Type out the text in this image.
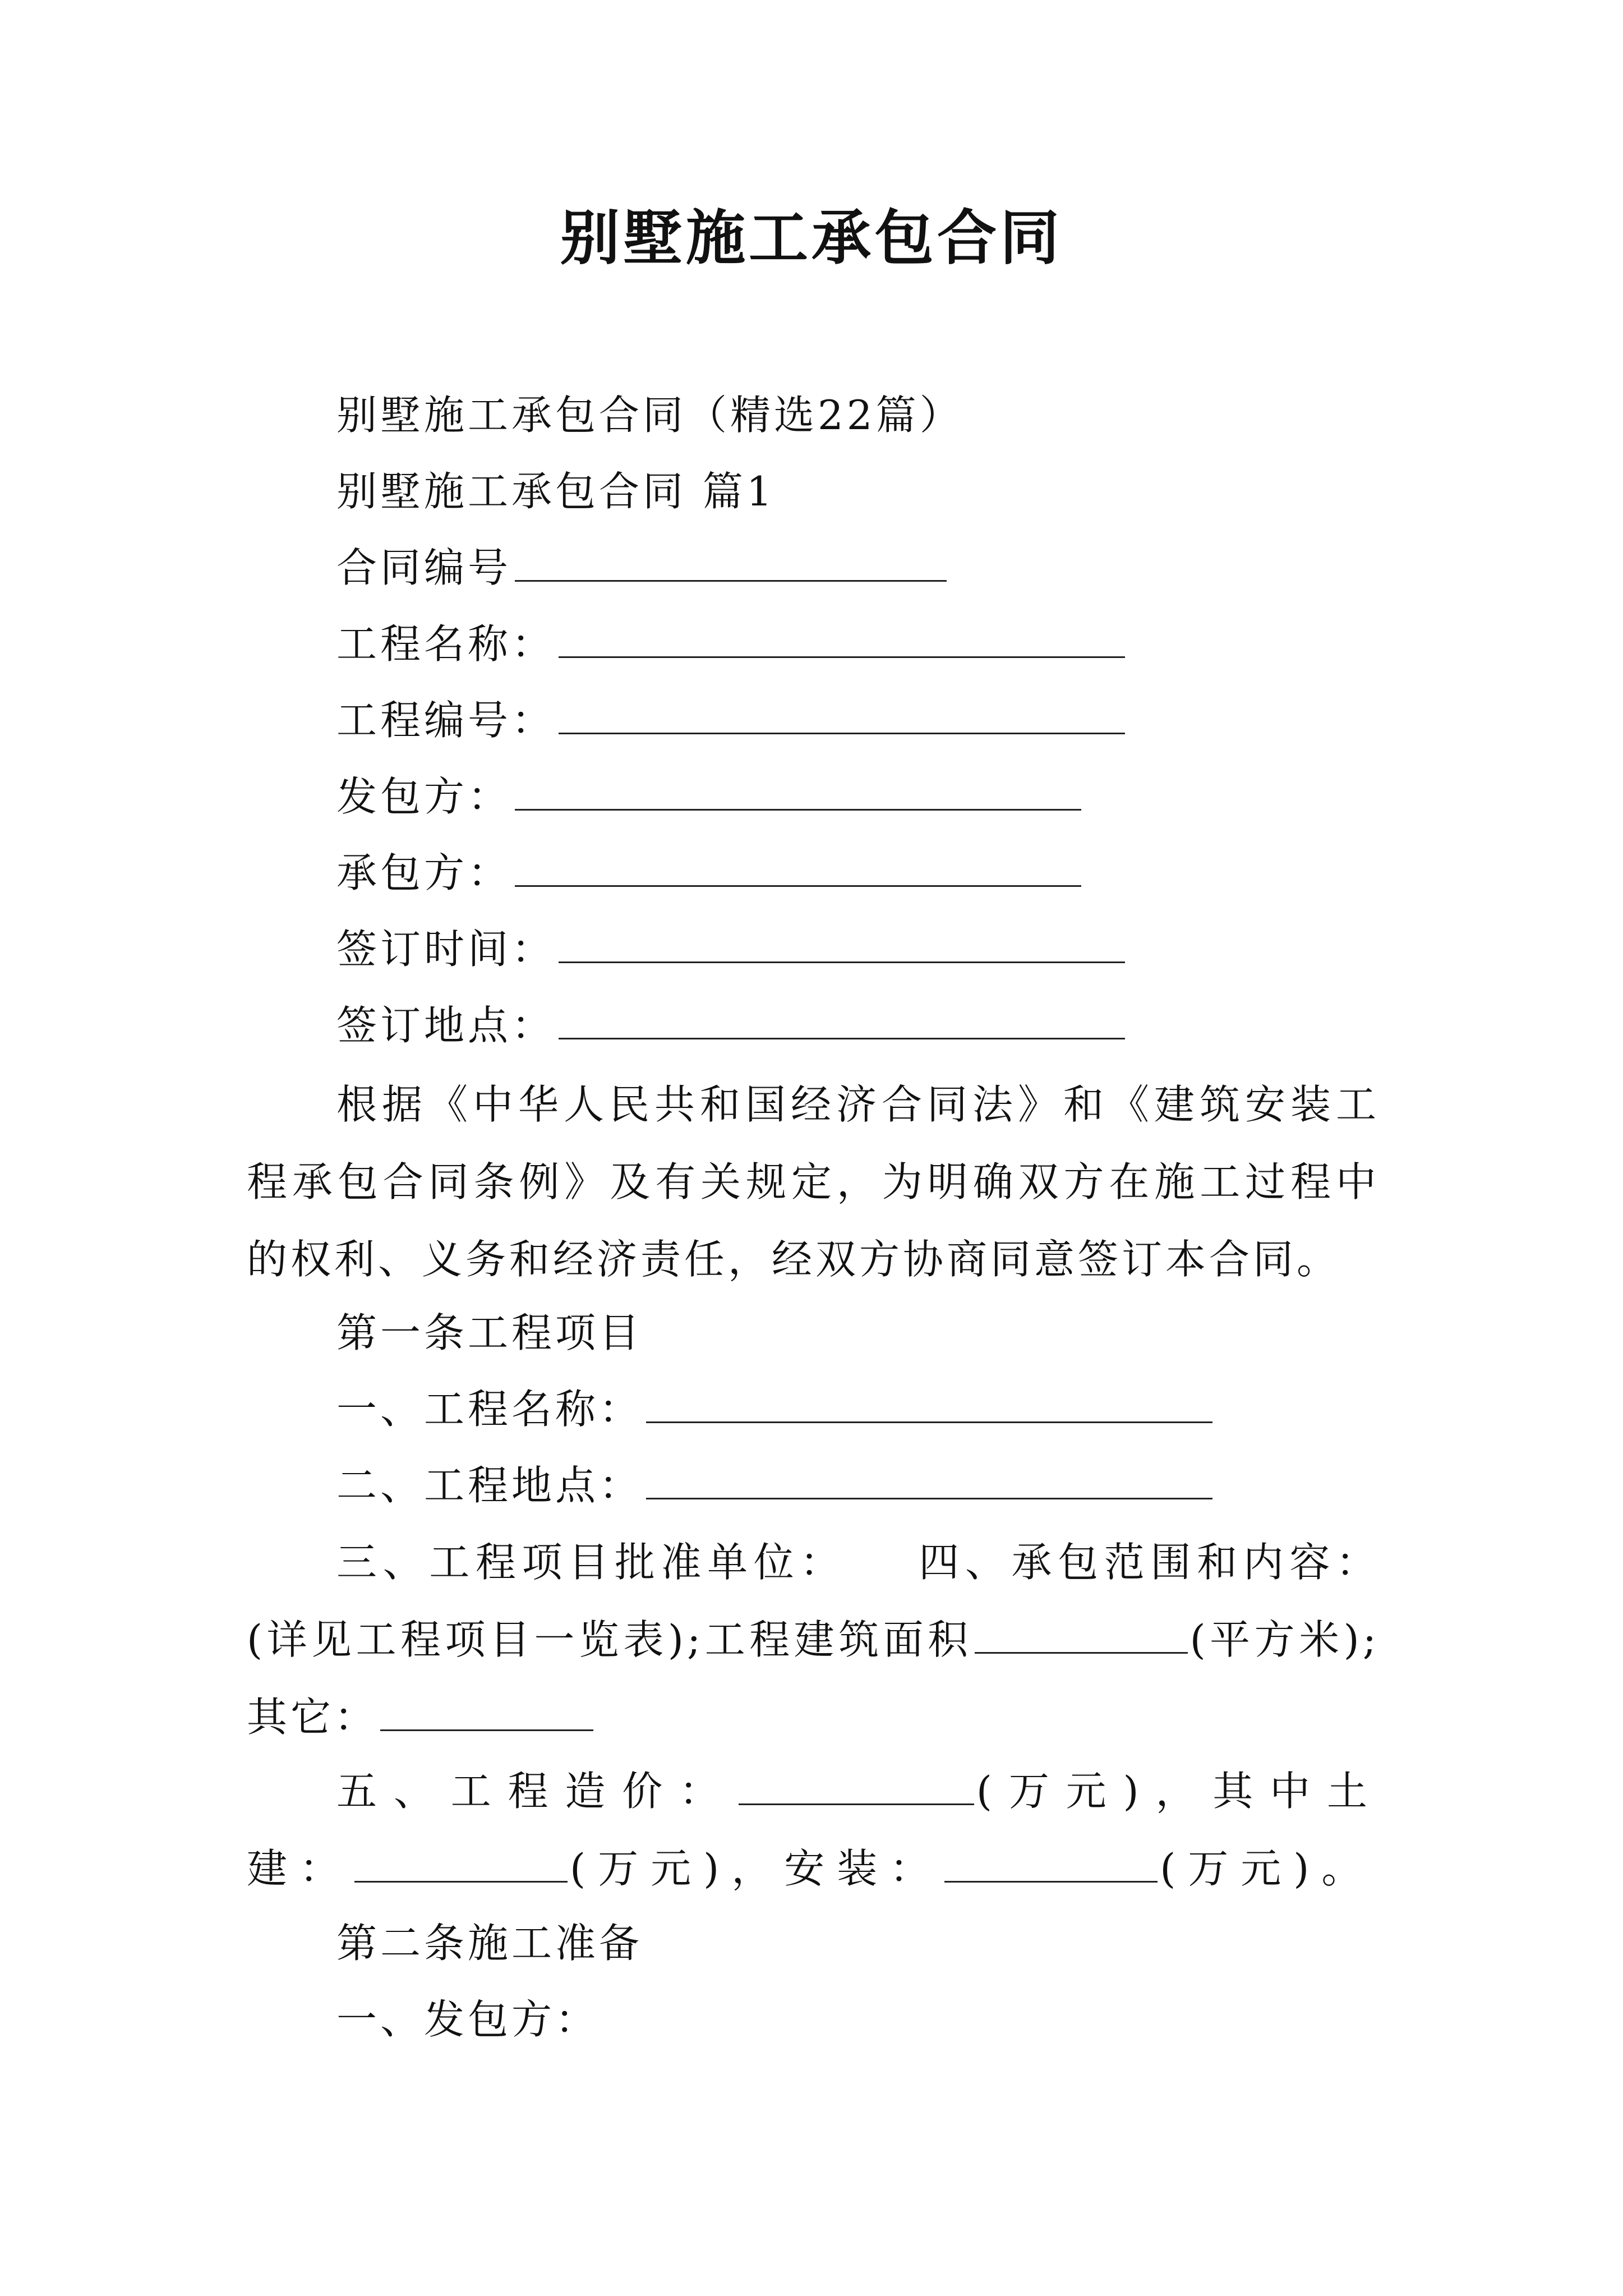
别墅施工承包合同
别墅施工承包合同（精选22篇）
别墅施工承包合同 篇1
合同编号
工程名称：
工程编号：
发包方：
承包方：
签订时间：
签订地点：
根据《中华人民共和国经济合同法》和《建筑安装工程承包合同条例》及有关规定，为明确双方在施工过程中的权利、义务和经济责任，经双方协商同意签订本合同。
第一条工程项目
一、工程名称：
二、工程地点：
三、工程项目批准单位：　　四、承包范围和内容：(详见工程项目一览表);工程建筑面积	(平方米);其它：
五、工程造价：	(万元)，其中土建：	(万元)，安装：	(万元)。
第二条施工准备
一、发包方：
